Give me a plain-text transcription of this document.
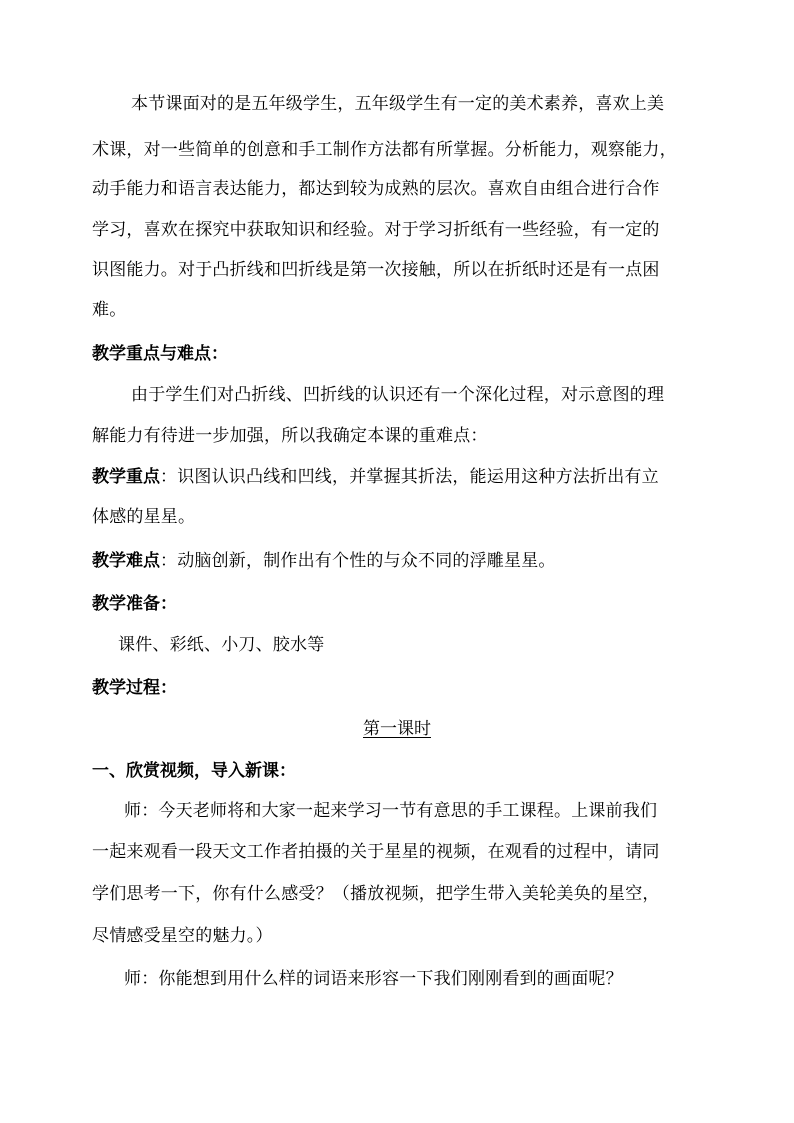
本节课面对的是五年级学生，五年级学生有一定的美术素养，喜欢上美
术课，对一些简单的创意和手工制作方法都有所掌握。分析能力，观察能力，
动手能力和语言表达能力，都达到较为成熟的层次。喜欢自由组合进行合作
学习，喜欢在探究中获取知识和经验。对于学习折纸有一些经验，有一定的
识图能力。对于凸折线和凹折线是第一次接触，所以在折纸时还是有一点困
难。
教学重点与难点：
由于学生们对凸折线、凹折线的认识还有一个深化过程，对示意图的理
解能力有待进一步加强，所以我确定本课的重难点：
教学重点：识图认识凸线和凹线，并掌握其折法，能运用这种方法折出有立
体感的星星。
教学难点：动脑创新，制作出有个性的与众不同的浮雕星星。
教学准备：
课件、彩纸、小刀、胶水等
教学过程：
第一课时
一、欣赏视频，导入新课：
师：今天老师将和大家一起来学习一节有意思的手工课程。上课前我们
一起来观看一段天文工作者拍摄的关于星星的视频，在观看的过程中，请同
学们思考一下，你有什么感受？（播放视频，把学生带入美轮美奂的星空，
尽情感受星空的魅力。）
师：你能想到用什么样的词语来形容一下我们刚刚看到的画面呢？
